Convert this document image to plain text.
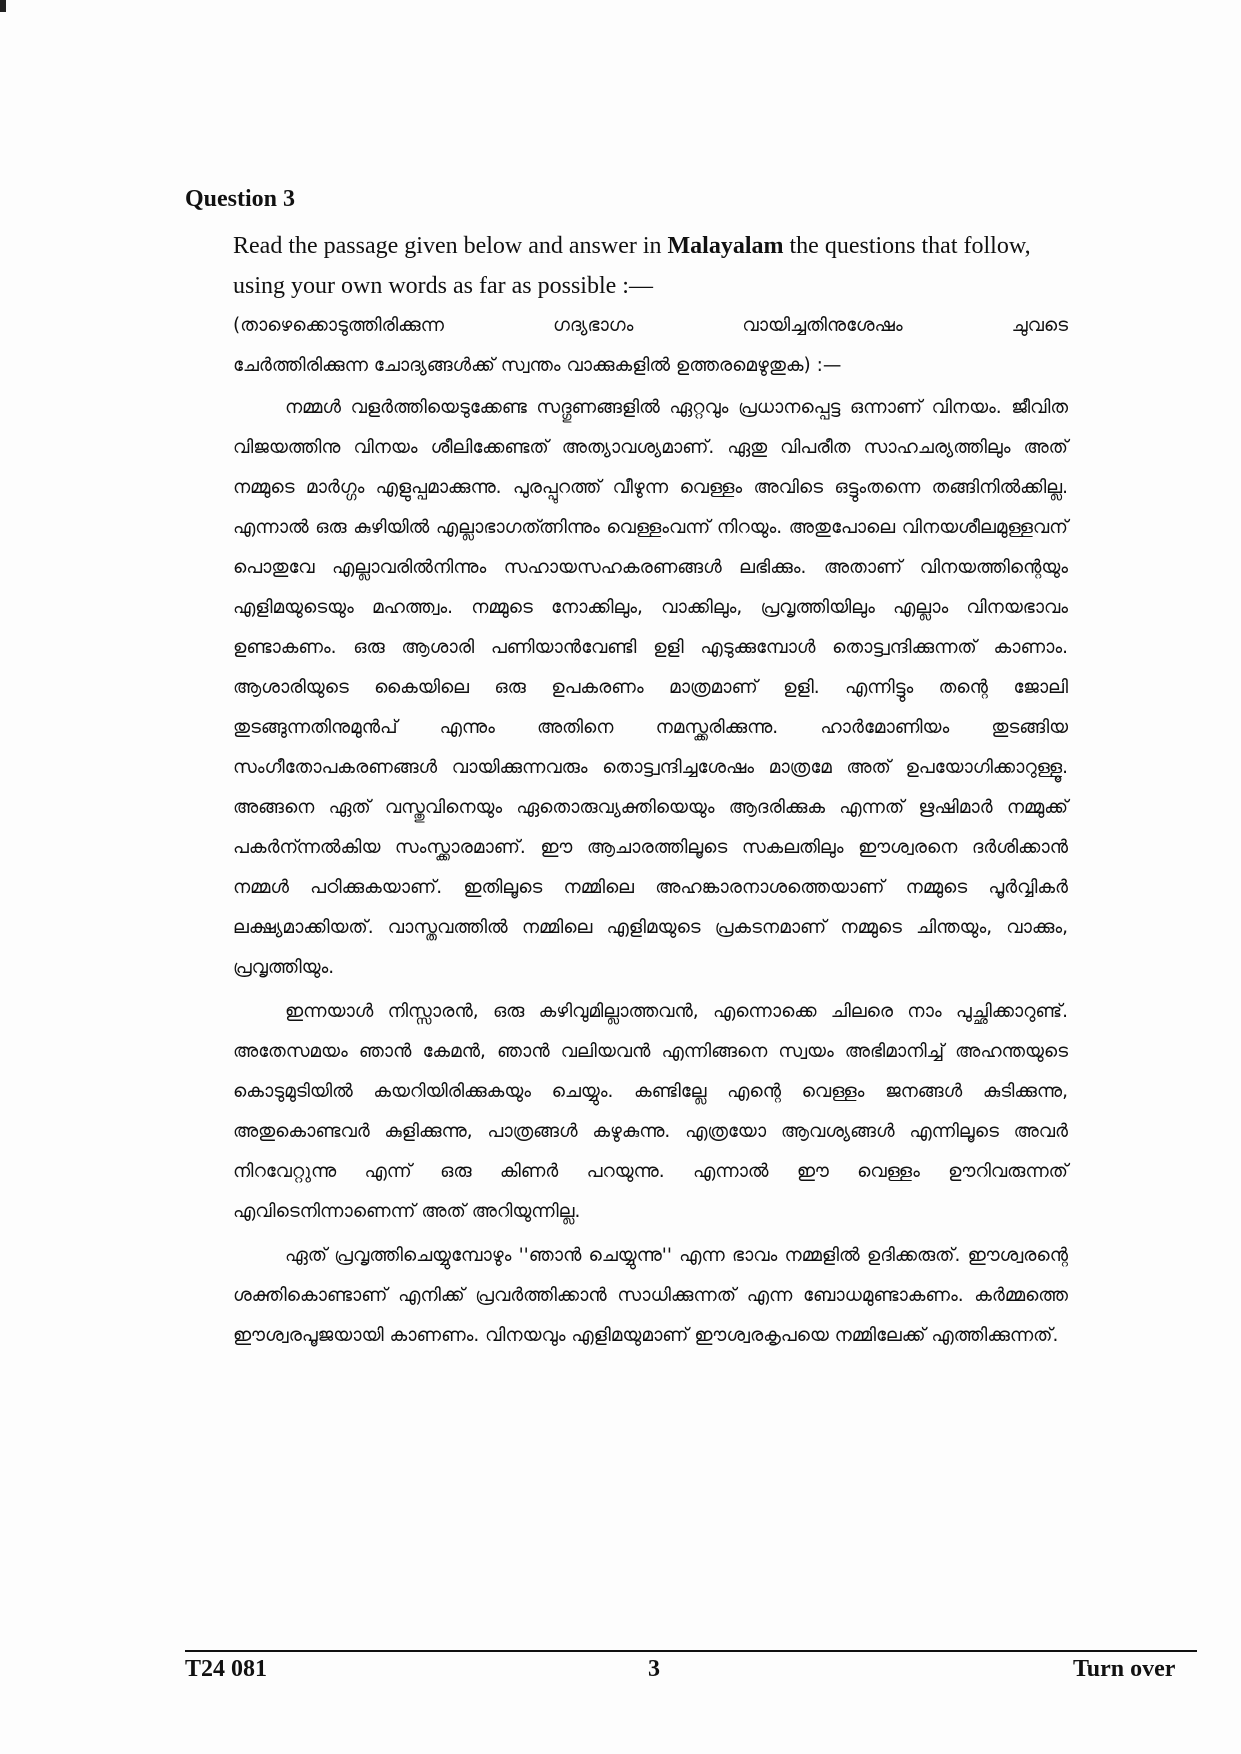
Question 3
Read the passage given below and answer in Malayalam the questions that follow, using your own words as far as possible :—
(താഴെക്കൊടുത്തിരിക്കുന്ന ഗദ്യഭാഗം വായിച്ചതിനുശേഷം ചുവടെ
ചേർത്തിരിക്കുന്ന ചോദ്യങ്ങൾക്ക് സ്വന്തം വാക്കുകളിൽ ഉത്തരമെഴുതുക) :—

നമ്മൾ വളർത്തിയെടുക്കേണ്ട സദ്ഗുണങ്ങളിൽ ഏറ്റവും പ്രധാനപ്പെട്ട ഒന്നാണ് വിനയം. ജീവിത വിജയത്തിനു വിനയം ശീലിക്കേണ്ടത് അത്യാവശ്യമാണ്. ഏതു വിപരീത സാഹചര്യത്തിലും അത് നമ്മുടെ മാർഗ്ഗം എളുപ്പമാക്കുന്നു. പുരപ്പുറത്ത് വീഴുന്ന വെള്ളം അവിടെ ഒട്ടുംതന്നെ തങ്ങിനിൽക്കില്ല. എന്നാൽ ഒരു കുഴിയിൽ എല്ലാഭാഗത്ത്നിന്നും വെള്ളംവന്ന് നിറയും. അതുപോലെ വിനയശീലമുള്ളവന് പൊതുവേ എല്ലാവരിൽനിന്നും സഹായസഹകരണങ്ങൾ ലഭിക്കും. അതാണ് വിനയത്തിന്റെയും എളിമയുടെയും മഹത്ത്വം. നമ്മുടെ നോക്കിലും, വാക്കിലും, പ്രവൃത്തിയിലും എല്ലാം വിനയഭാവം ഉണ്ടാകണം. ഒരു ആശാരി പണിയാൻവേണ്ടി ഉളി എടുക്കുമ്പോൾ തൊട്ട്വന്ദിക്കുന്നത് കാണാം. ആശാരിയുടെ കൈയിലെ ഒരു ഉപകരണം മാത്രമാണ് ഉളി. എന്നിട്ടും തന്റെ ജോലി തുടങ്ങുന്നതിനുമുൻപ് എന്നും അതിനെ നമസ്ക്കരിക്കുന്നു. ഹാർമോണിയം തുടങ്ങിയ സംഗീതോപകരണങ്ങൾ വായിക്കുന്നവരും തൊട്ട്വന്ദിച്ചശേഷം മാത്രമേ അത് ഉപയോഗിക്കാറുള്ളൂ. അങ്ങനെ ഏത് വസ്തുവിനെയും ഏതൊരുവ്യക്തിയെയും ആദരിക്കുക എന്നത് ഋഷിമാർ നമ്മുക്ക് പകർന്ന്നൽകിയ സംസ്ക്കാരമാണ്. ഈ ആചാരത്തിലൂടെ സകലതിലും ഈശ്വരനെ ദർശിക്കാൻ നമ്മൾ പഠിക്കുകയാണ്. ഇതിലൂടെ നമ്മിലെ അഹങ്കാരനാശത്തെയാണ് നമ്മുടെ പൂർവ്വികർ ലക്ഷ്യമാക്കിയത്. വാസ്തവത്തിൽ നമ്മിലെ എളിമയുടെ പ്രകടനമാണ് നമ്മുടെ ചിന്തയും, വാക്കും, പ്രവൃത്തിയും.

ഇന്നയാൾ നിസ്സാരൻ, ഒരു കഴിവുമില്ലാത്തവൻ, എന്നൊക്കെ ചിലരെ നാം പുച്ഛിക്കാറുണ്ട്. അതേസമയം ഞാൻ കേമൻ, ഞാൻ വലിയവൻ എന്നിങ്ങനെ സ്വയം അഭിമാനിച്ച് അഹന്തയുടെ കൊടുമുടിയിൽ കയറിയിരിക്കുകയും ചെയ്യും. കണ്ടില്ലേ എന്റെ വെള്ളം ജനങ്ങൾ കുടിക്കുന്നു, അതുകൊണ്ടവർ കുളിക്കുന്നു, പാത്രങ്ങൾ കഴുകുന്നു. എത്രയോ ആവശ്യങ്ങൾ എന്നിലൂടെ അവർ നിറവേറ്റുന്നു എന്ന് ഒരു കിണർ പറയുന്നു. എന്നാൽ ഈ വെള്ളം ഊറിവരുന്നത് എവിടെനിന്നാണെന്ന് അത് അറിയുന്നില്ല.

ഏത് പ്രവൃത്തിചെയ്യുമ്പോഴും ''ഞാൻ ചെയ്യുന്നു'' എന്ന ഭാവം നമ്മളിൽ ഉദിക്കരുത്. ഈശ്വരന്റെ ശക്തികൊണ്ടാണ് എനിക്ക് പ്രവർത്തിക്കാൻ സാധിക്കുന്നത് എന്ന ബോധമുണ്ടാകണം. കർമ്മത്തെ ഈശ്വരപൂജയായി കാണണം. വിനയവും എളിമയുമാണ് ഈശ്വരകൃപയെ നമ്മിലേക്ക് എത്തിക്കുന്നത്.

T24 081	3	Turn over
